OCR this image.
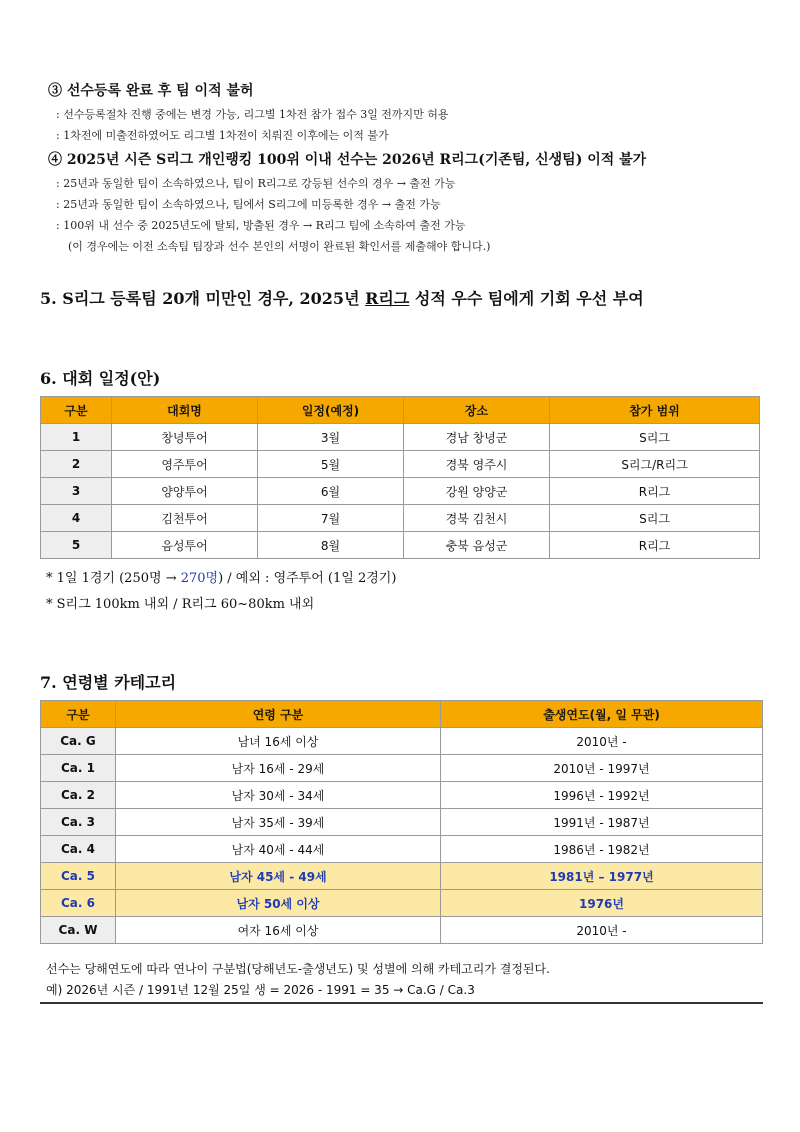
③ 선수등록 완료 후 팀 이적 불허
: 선수등록절차 진행 중에는 변경 가능, 리그별 1차전 참가 접수 3일 전까지만 허용
: 1차전에 미출전하였어도 리그별 1차전이 치뤄진 이후에는 이적 불가
④ 2025년 시즌 S리그 개인랭킹 100위 이내 선수는 2026년 R리그(기존팀, 신생팀) 이적 불가
: 25년과 동일한 팀이 소속하였으나, 팀이 R리그로 강등된 선수의 경우 → 출전 가능
: 25년과 동일한 팀이 소속하였으나, 팀에서 S리그에 미등록한 경우 → 출전 가능
: 100위 내 선수 중 2025년도에 탈퇴, 방출된 경우 → R리그 팀에 소속하여 출전 가능
(이 경우에는 이전 소속팀 팀장과 선수 본인의 서명이 완료된 확인서를 제출해야 합니다.)
5. S리그 등록팀 20개 미만인 경우, 2025년 R리그 성적 우수 팀에게 기회 우선 부여
6. 대회 일정(안)
구분	대회명	일정(예정)	장소	참가 범위
1	창녕투어	3월	경남 창녕군	S리그
2	영주투어	5월	경북 영주시	S리그/R리그
3	양양투어	6월	강원 양양군	R리그
4	김천투어	7월	경북 김천시	S리그
5	음성투어	8월	충북 음성군	R리그
* 1일 1경기 (250명 → 270명) / 예외 : 영주투어 (1일 2경기)
* S리그 100km 내외 / R리그 60~80km 내외
7. 연령별 카테고리
구분	연령 구분	출생연도(월, 일 무관)
Ca. G	남녀 16세 이상	2010년 -
Ca. 1	남자 16세 - 29세	2010년 - 1997년
Ca. 2	남자 30세 - 34세	1996년 - 1992년
Ca. 3	남자 35세 - 39세	1991년 - 1987년
Ca. 4	남자 40세 - 44세	1986년 - 1982년
Ca. 5	남자 45세 - 49세	1981년 – 1977년
Ca. 6	남자 50세 이상	1976년
Ca. W	여자 16세 이상	2010년 -
선수는 당해연도에 따라 연나이 구분법(당해년도-출생년도) 및 성별에 의해 카테고리가 결정된다.
예) 2026년 시즌 / 1991년 12월 25일 생 = 2026 - 1991 = 35 → Ca.G / Ca.3
